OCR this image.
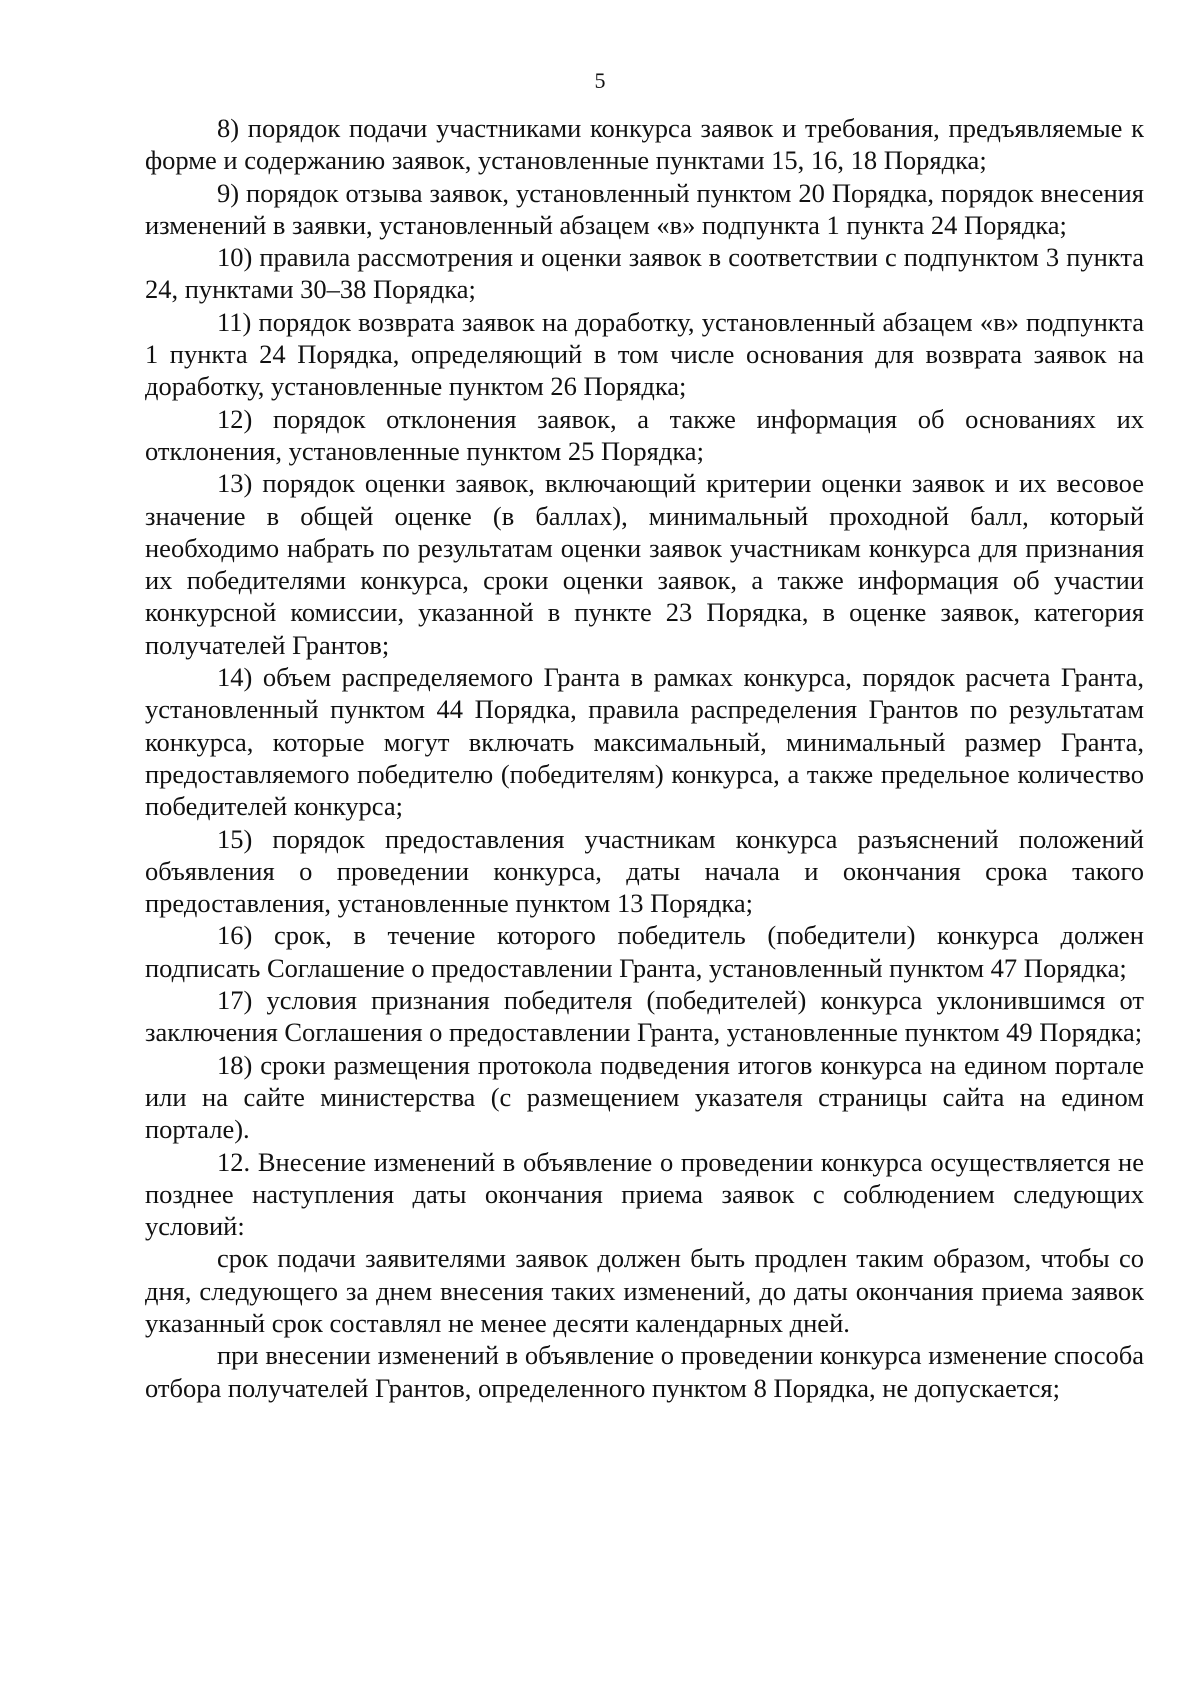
5

8) порядок подачи участниками конкурса заявок и требования, предъявляемые к форме и содержанию заявок, установленные пунктами 15, 16, 18 Порядка;

9) порядок отзыва заявок, установленный пунктом 20 Порядка, порядок внесения изменений в заявки, установленный абзацем «в» подпункта 1 пункта 24 Порядка;

10) правила рассмотрения и оценки заявок в соответствии с подпунктом 3 пункта 24, пунктами 30–38 Порядка;

11) порядок возврата заявок на доработку, установленный абзацем «в» подпункта 1 пункта 24 Порядка, определяющий в том числе основания для возврата заявок на доработку, установленные пунктом 26 Порядка;

12) порядок отклонения заявок, а также информация об основаниях их отклонения, установленные пунктом 25 Порядка;

13) порядок оценки заявок, включающий критерии оценки заявок и их весовое значение в общей оценке (в баллах), минимальный проходной балл, который необходимо набрать по результатам оценки заявок участникам конкурса для признания их победителями конкурса, сроки оценки заявок, а также информация об участии конкурсной комиссии, указанной в пункте 23 Порядка, в оценке заявок, категория получателей Грантов;

14) объем распределяемого Гранта в рамках конкурса, порядок расчета Гранта, установленный пунктом 44 Порядка, правила распределения Грантов по результатам конкурса, которые могут включать максимальный, минимальный размер Гранта, предоставляемого победителю (победителям) конкурса, а также предельное количество победителей конкурса;

15) порядок предоставления участникам конкурса разъяснений положений объявления о проведении конкурса, даты начала и окончания срока такого предоставления, установленные пунктом 13 Порядка;

16) срок, в течение которого победитель (победители) конкурса должен подписать Соглашение о предоставлении Гранта, установленный пунктом 47 Порядка;

17) условия признания победителя (победителей) конкурса уклонившимся от заключения Соглашения о предоставлении Гранта, установленные пунктом 49 Порядка;

18) сроки размещения протокола подведения итогов конкурса на едином портале или на сайте министерства (с размещением указателя страницы сайта на едином портале).

12. Внесение изменений в объявление о проведении конкурса осуществляется не позднее наступления даты окончания приема заявок с соблюдением следующих условий:

срок подачи заявителями заявок должен быть продлен таким образом, чтобы со дня, следующего за днем внесения таких изменений, до даты окончания приема заявок указанный срок составлял не менее десяти календарных дней.

при внесении изменений в объявление о проведении конкурса изменение способа отбора получателей Грантов, определенного пунктом 8 Порядка, не допускается;
